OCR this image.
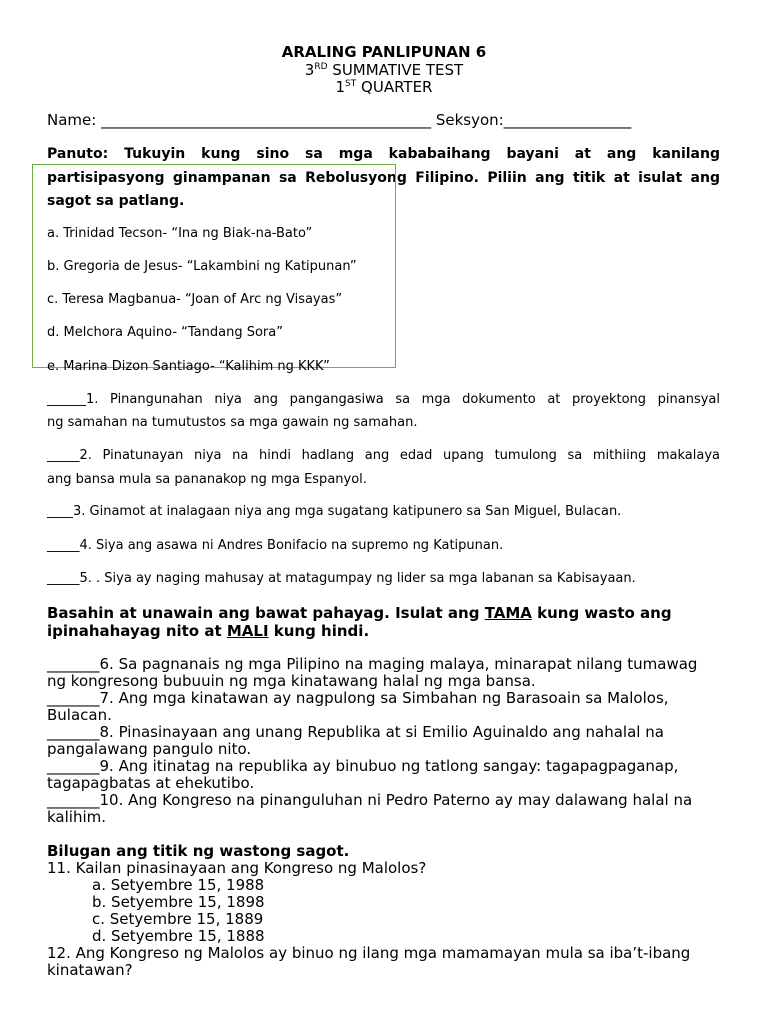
ARALING PANLIPUNAN 6
3RD SUMMATIVE TEST
1ST QUARTER
Name: ____________________________________________ Seksyon:_________________
Panuto: Tukuyin kung sino sa mga kababaihang bayani at ang kanilang
partisipasyong ginampanan sa Rebolusyong Filipino. Piliin ang titik at isulat ang
sagot sa patlang.
a. Trinidad Tecson- “Ina ng Biak-na-Bato”
b. Gregoria de Jesus- “Lakambini ng Katipunan”
c. Teresa Magbanua- “Joan of Arc ng Visayas”
d. Melchora Aquino- “Tandang Sora”
e. Marina Dizon Santiago- “Kalihim ng KKK”
______1. Pinangunahan niya ang pangangasiwa sa mga dokumento at proyektong pinansyal
ng samahan na tumutustos sa mga gawain ng samahan.
_____2. Pinatunayan niya na hindi hadlang ang edad upang tumulong sa mithiing makalaya
ang bansa mula sa pananakop ng mga Espanyol.
____3. Ginamot at inalagaan niya ang mga sugatang katipunero sa San Miguel, Bulacan.
_____4. Siya ang asawa ni Andres Bonifacio na supremo ng Katipunan.
_____5. . Siya ay naging mahusay at matagumpay ng lider sa mga labanan sa Kabisayaan.
Basahin at unawain ang bawat pahayag. Isulat ang TAMA kung wasto ang
ipinahahayag nito at MALI kung hindi.
_______6. Sa pagnanais ng mga Pilipino na maging malaya, minarapat nilang tumawag
ng kongresong bubuuin ng mga kinatawang halal ng mga bansa.
_______7. Ang mga kinatawan ay nagpulong sa Simbahan ng Barasoain sa Malolos,
Bulacan.
_______8. Pinasinayaan ang unang Republika at si Emilio Aguinaldo ang nahalal na
pangalawang pangulo nito.
_______9. Ang itinatag na republika ay binubuo ng tatlong sangay: tagapagpaganap,
tagapagbatas at ehekutibo.
_______10. Ang Kongreso na pinanguluhan ni Pedro Paterno ay may dalawang halal na
kalihim.
Bilugan ang titik ng wastong sagot.
11. Kailan pinasinayaan ang Kongreso ng Malolos?
a. Setyembre 15, 1988
b. Setyembre 15, 1898
c. Setyembre 15, 1889
d. Setyembre 15, 1888
12. Ang Kongreso ng Malolos ay binuo ng ilang mga mamamayan mula sa iba’t-ibang
kinatawan?
